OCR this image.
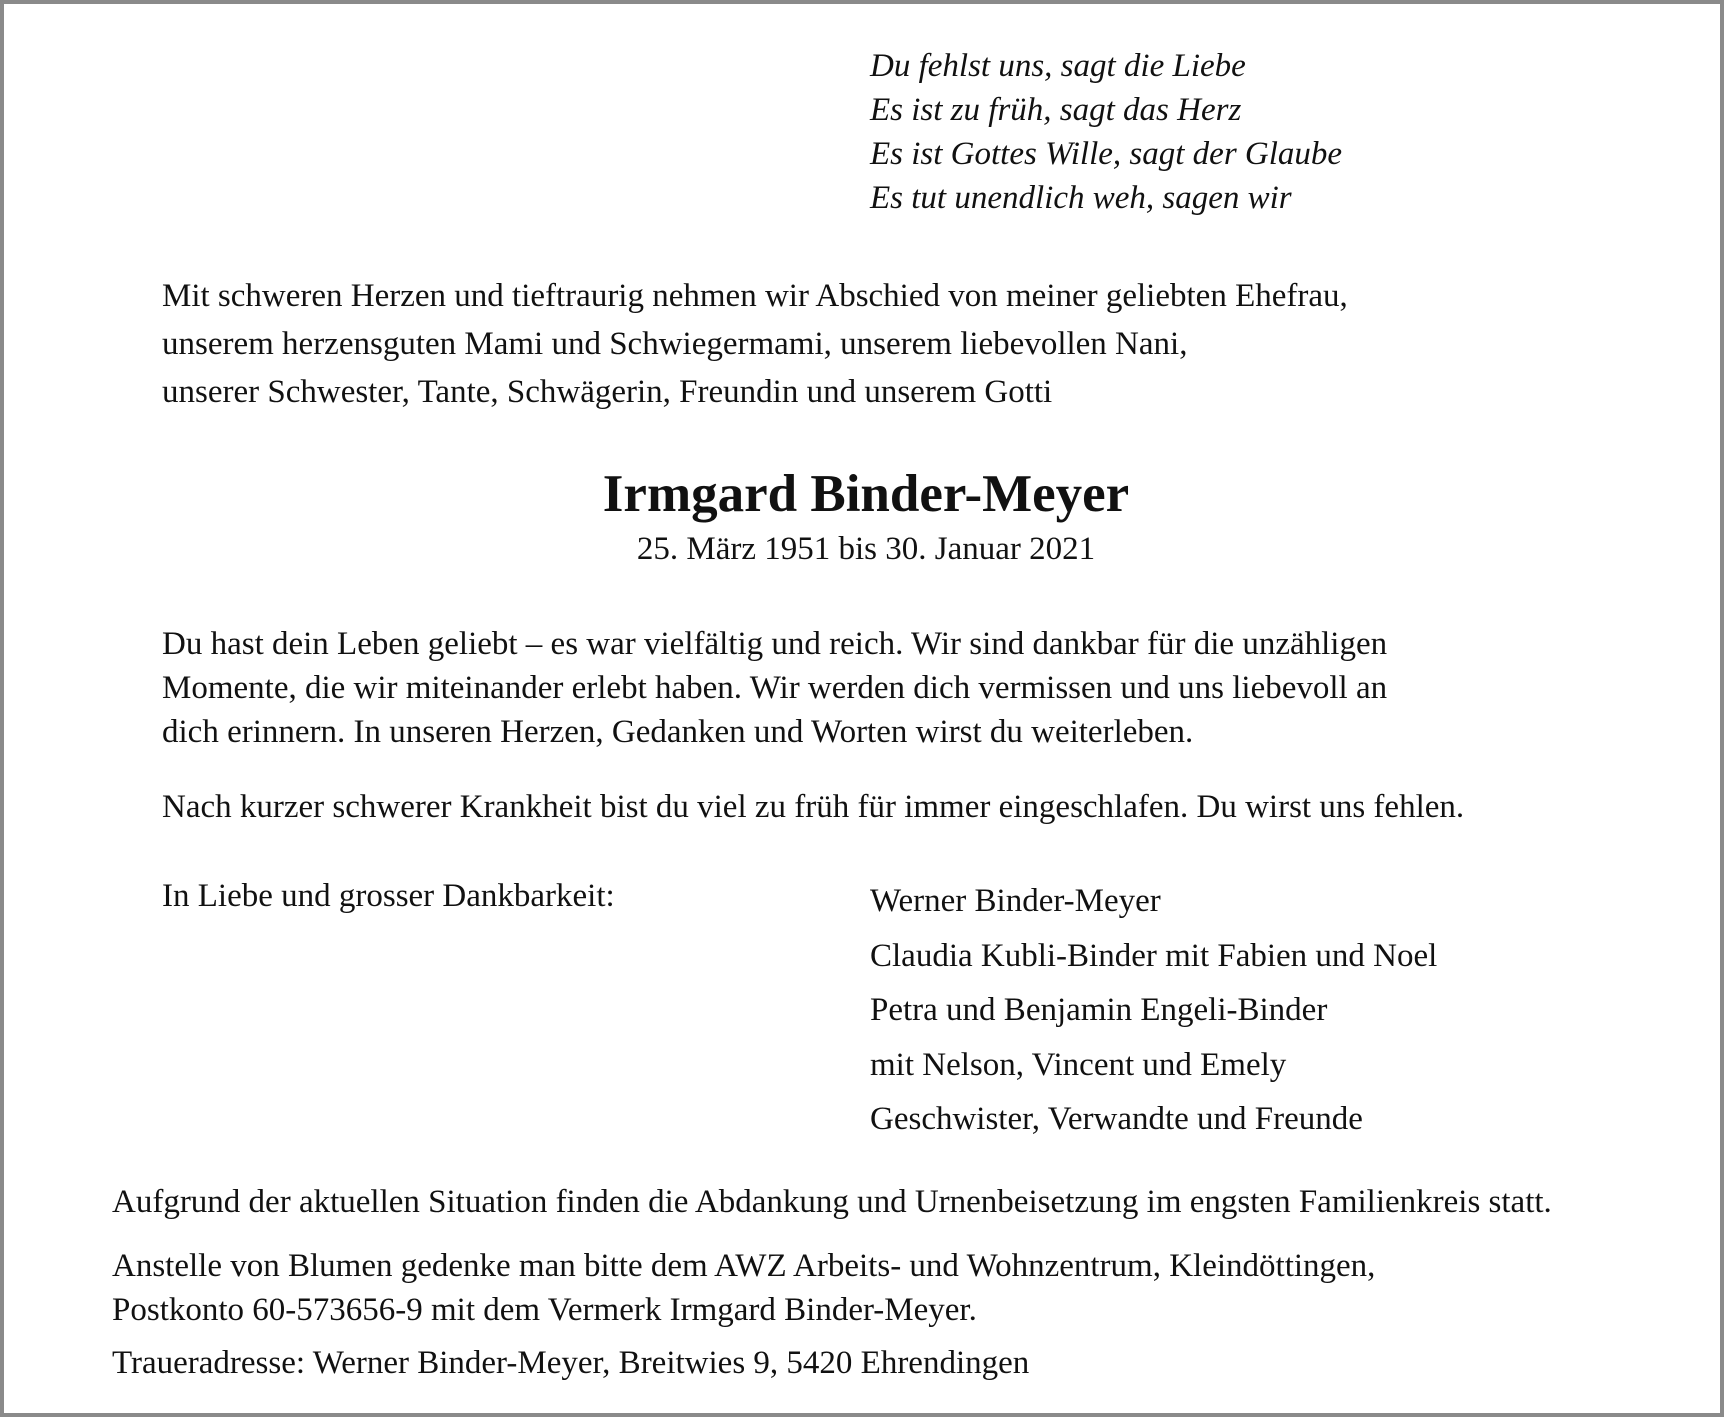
Du fehlst uns, sagt die Liebe
Es ist zu früh, sagt das Herz
Es ist Gottes Wille, sagt der Glaube
Es tut unendlich weh, sagen wir
Mit schweren Herzen und tieftraurig nehmen wir Abschied von meiner geliebten Ehefrau,
unserem herzensguten Mami und Schwiegermami, unserem liebevollen Nani,
unserer Schwester, Tante, Schwägerin, Freundin und unserem Gotti
Irmgard Binder-Meyer
25. März 1951 bis 30. Januar 2021
Du hast dein Leben geliebt – es war vielfältig und reich. Wir sind dankbar für die unzähligen
Momente, die wir miteinander erlebt haben. Wir werden dich vermissen und uns liebevoll an
dich erinnern. In unseren Herzen, Gedanken und Worten wirst du weiterleben.
Nach kurzer schwerer Krankheit bist du viel zu früh für immer eingeschlafen. Du wirst uns fehlen.
In Liebe und grosser Dankbarkeit:	Werner Binder-Meyer
Claudia Kubli-Binder mit Fabien und Noel
Petra und Benjamin Engeli-Binder
mit Nelson, Vincent und Emely
Geschwister, Verwandte und Freunde
Aufgrund der aktuellen Situation finden die Abdankung und Urnenbeisetzung im engsten Familienkreis statt.
Anstelle von Blumen gedenke man bitte dem AWZ Arbeits- und Wohnzentrum, Kleindöttingen,
Postkonto 60-573656-9 mit dem Vermerk Irmgard Binder-Meyer.
Traueradresse: Werner Binder-Meyer, Breitwies 9, 5420 Ehrendingen
